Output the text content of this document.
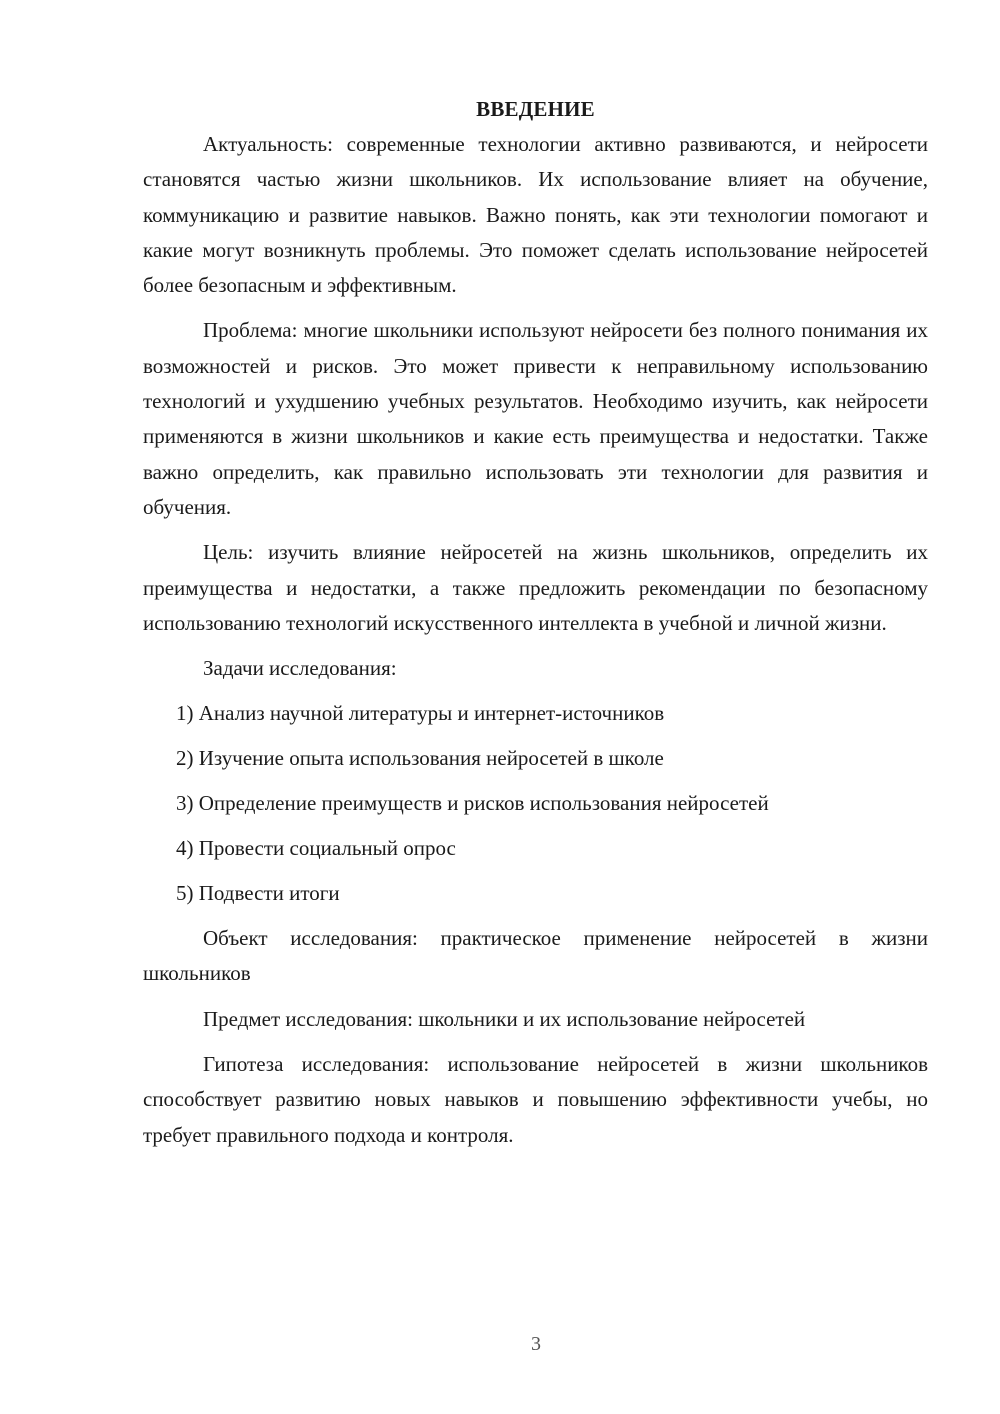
ВВЕДЕНИЕ

Актуальность: современные технологии активно развиваются, и нейросети становятся частью жизни школьников. Их использование влияет на обучение, коммуникацию и развитие навыков. Важно понять, как эти технологии помогают и какие могут возникнуть проблемы. Это поможет сделать использование нейросетей более безопасным и эффективным.

Проблема: многие школьники используют нейросети без полного понимания их возможностей и рисков. Это может привести к неправильному использованию технологий и ухудшению учебных результатов. Необходимо изучить, как нейросети применяются в жизни школьников и какие есть преимущества и недостатки. Также важно определить, как правильно использовать эти технологии для развития и обучения.

Цель: изучить влияние нейросетей на жизнь школьников, определить их преимущества и недостатки, а также предложить рекомендации по безопасному использованию технологий искусственного интеллекта в учебной и личной жизни.

Задачи исследования:
1) Анализ научной литературы и интернет-источников
2) Изучение опыта использования нейросетей в школе
3) Определение преимуществ и рисков использования нейросетей
4) Провести социальный опрос
5) Подвести итоги

Объект исследования: практическое применение нейросетей в жизни школьников

Предмет исследования: школьники и их использование нейросетей

Гипотеза исследования: использование нейросетей в жизни школьников способствует развитию новых навыков и повышению эффективности учебы, но требует правильного подхода и контроля.

3
